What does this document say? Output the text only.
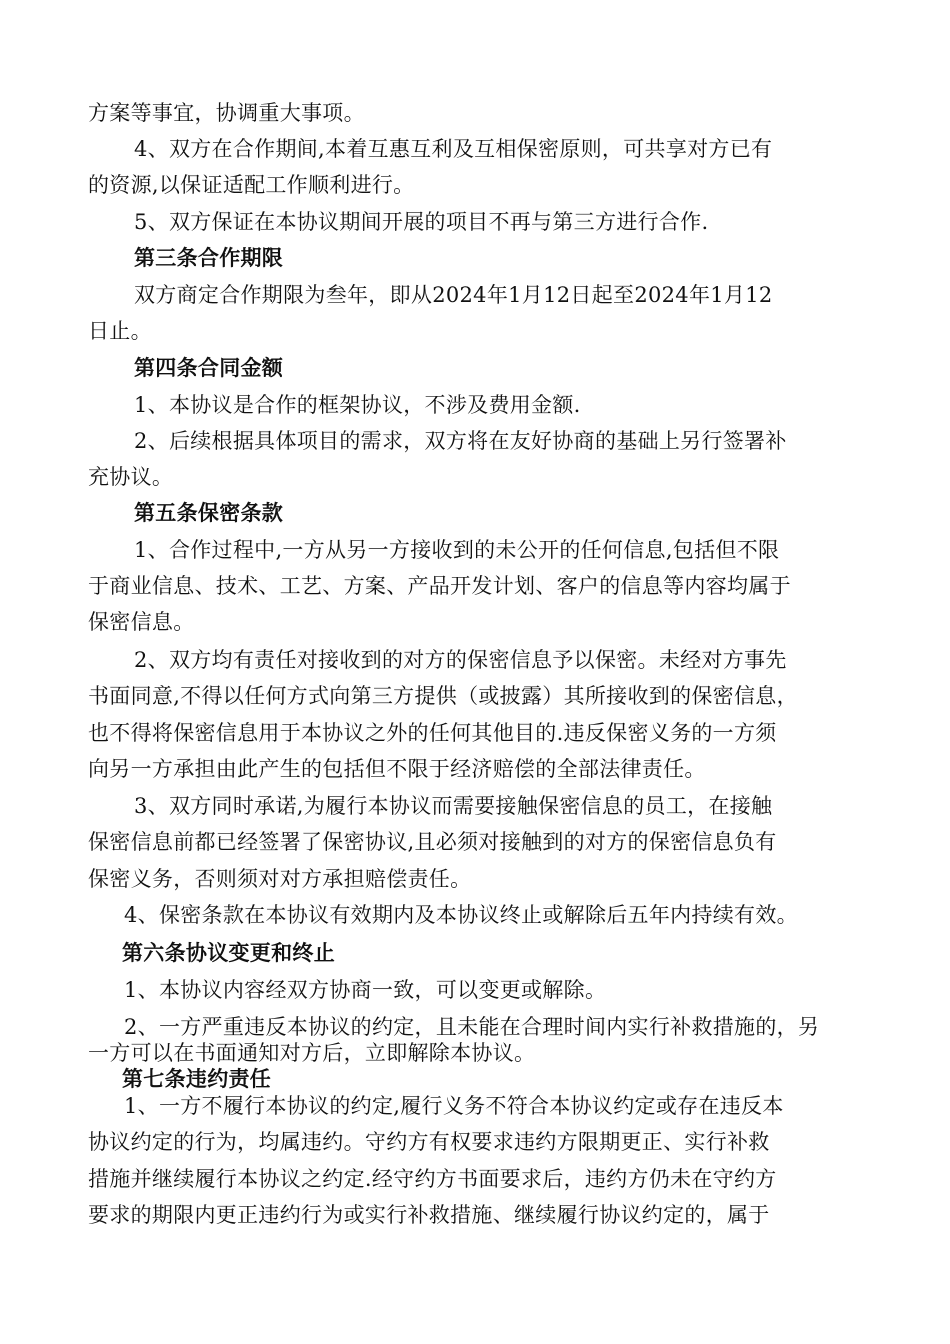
方案等事宜，协调重大事项。
4、双方在合作期间,本着互惠互利及互相保密原则，可共享对方已有
的资源,以保证适配工作顺利进行。
5、双方保证在本协议期间开展的项目不再与第三方进行合作.
第三条合作期限
双方商定合作期限为叁年，即从2024年1月12日起至2024年1月12
日止。
第四条合同金额
1、本协议是合作的框架协议，不涉及费用金额.
2、后续根据具体项目的需求，双方将在友好协商的基础上另行签署补
充协议。
第五条保密条款
1、合作过程中,一方从另一方接收到的未公开的任何信息,包括但不限
于商业信息、技术、工艺、方案、产品开发计划、客户的信息等内容均属于
保密信息。
2、双方均有责任对接收到的对方的保密信息予以保密。未经对方事先
书面同意,不得以任何方式向第三方提供（或披露）其所接收到的保密信息，
也不得将保密信息用于本协议之外的任何其他目的.违反保密义务的一方须
向另一方承担由此产生的包括但不限于经济赔偿的全部法律责任。
3、双方同时承诺,为履行本协议而需要接触保密信息的员工，在接触
保密信息前都已经签署了保密协议,且必须对接触到的对方的保密信息负有
保密义务，否则须对对方承担赔偿责任。
4、保密条款在本协议有效期内及本协议终止或解除后五年内持续有效。
第六条协议变更和终止
1、本协议内容经双方协商一致，可以变更或解除。
2、一方严重违反本协议的约定，且未能在合理时间内实行补救措施的，另
一方可以在书面通知对方后，立即解除本协议。
第七条违约责任
1、一方不履行本协议的约定,履行义务不符合本协议约定或存在违反本
协议约定的行为，均属违约。守约方有权要求违约方限期更正、实行补救
措施并继续履行本协议之约定.经守约方书面要求后，违约方仍未在守约方
要求的期限内更正违约行为或实行补救措施、继续履行协议约定的，属于
